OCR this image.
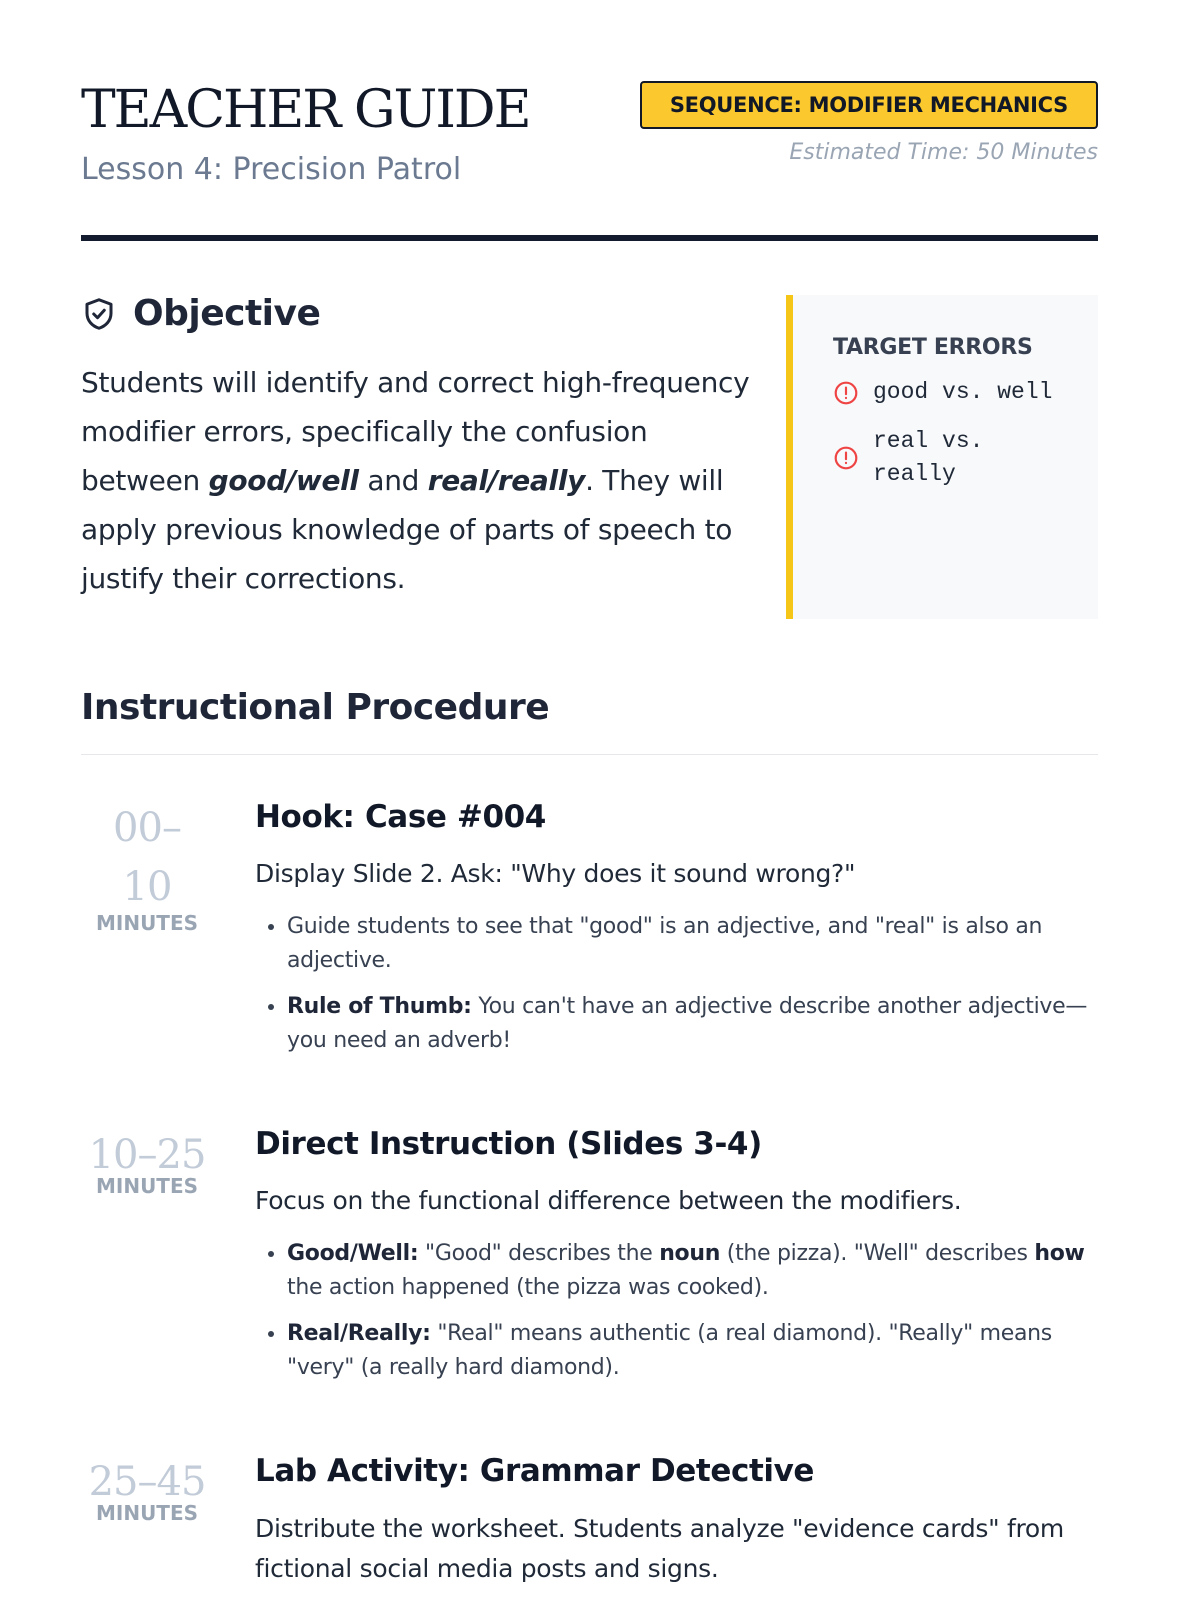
TEACHER GUIDE
Lesson 4: Precision Patrol
SEQUENCE: MODIFIER MECHANICS
Estimated Time: 50 Minutes
Objective

Students will identify and correct high-frequency modifier errors, specifically the confusion between good/well and real/really. They will apply previous knowledge of parts of speech to justify their corrections.

TARGET ERRORS
good vs. well
real vs. really
Instructional Procedure
00–10
MINUTES
Hook: Case #004

Display Slide 2. Ask: "Why does it sound wrong?"

• Guide students to see that "good" is an adjective, and "real" is also an adjective.
• Rule of Thumb: You can't have an adjective describe another adjective—you need an adverb!
10–25
MINUTES
Direct Instruction (Slides 3-4)

Focus on the functional difference between the modifiers.

• Good/Well: "Good" describes the noun (the pizza). "Well" describes how the action happened (the pizza was cooked).
• Real/Really: "Real" means authentic (a real diamond). "Really" means "very" (a really hard diamond).
25–45
MINUTES
Lab Activity: Grammar Detective

Distribute the worksheet. Students analyze "evidence cards" from fictional social media posts and signs.
